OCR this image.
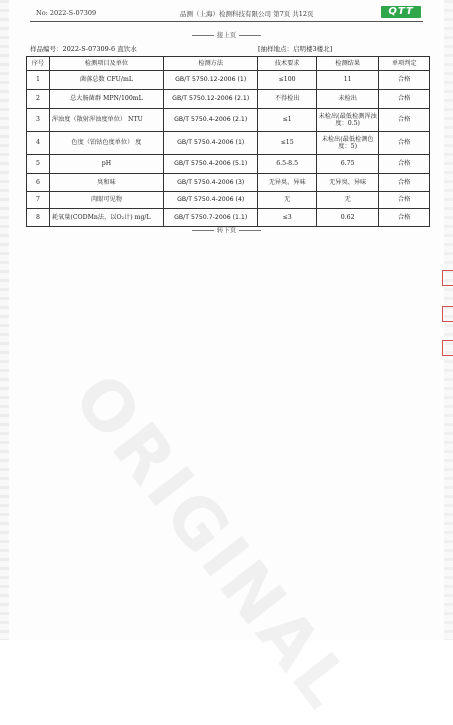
No: 2022-S-07309	品测（上海）检测科技有限公司 第7页 共12页	QTT
接上页
样品编号：2022-S-07309-6 直饮水	[抽样地点：启明楼3楼北]
序号	检测项目及单位	检测方法	技术要求	检测结果	单项判定
1	菌落总数 CFU/mL	GB/T 5750.12-2006 (1)	≤100	11	合格
2	总大肠菌群 MPN/100mL	GB/T 5750.12-2006 (2.1)	不得检出	未检出	合格
3	浑浊度（散射浑浊度单位） NTU	GB/T 5750.4-2006 (2.1)	≤1	未检出(最低检测浑浊度：0.5)	合格
4	色度（铂钴色度单位） 度	GB/T 5750.4-2006 (1)	≤15	未检出(最低检测色度：5)	合格
5	pH	GB/T 5750.4-2006 (5.1)	6.5-8.5	6.75	合格
6	臭和味	GB/T 5750.4-2006 (3)	无异臭、异味	无异臭、异味	合格
7	肉眼可见物	GB/T 5750.4-2006 (4)	无	无	合格
8	耗氧量(CODMn法，以O₂计) mg/L	GB/T 5750.7-2006 (1.1)	≤3	0.62	合格
转下页
ORIGINAL
